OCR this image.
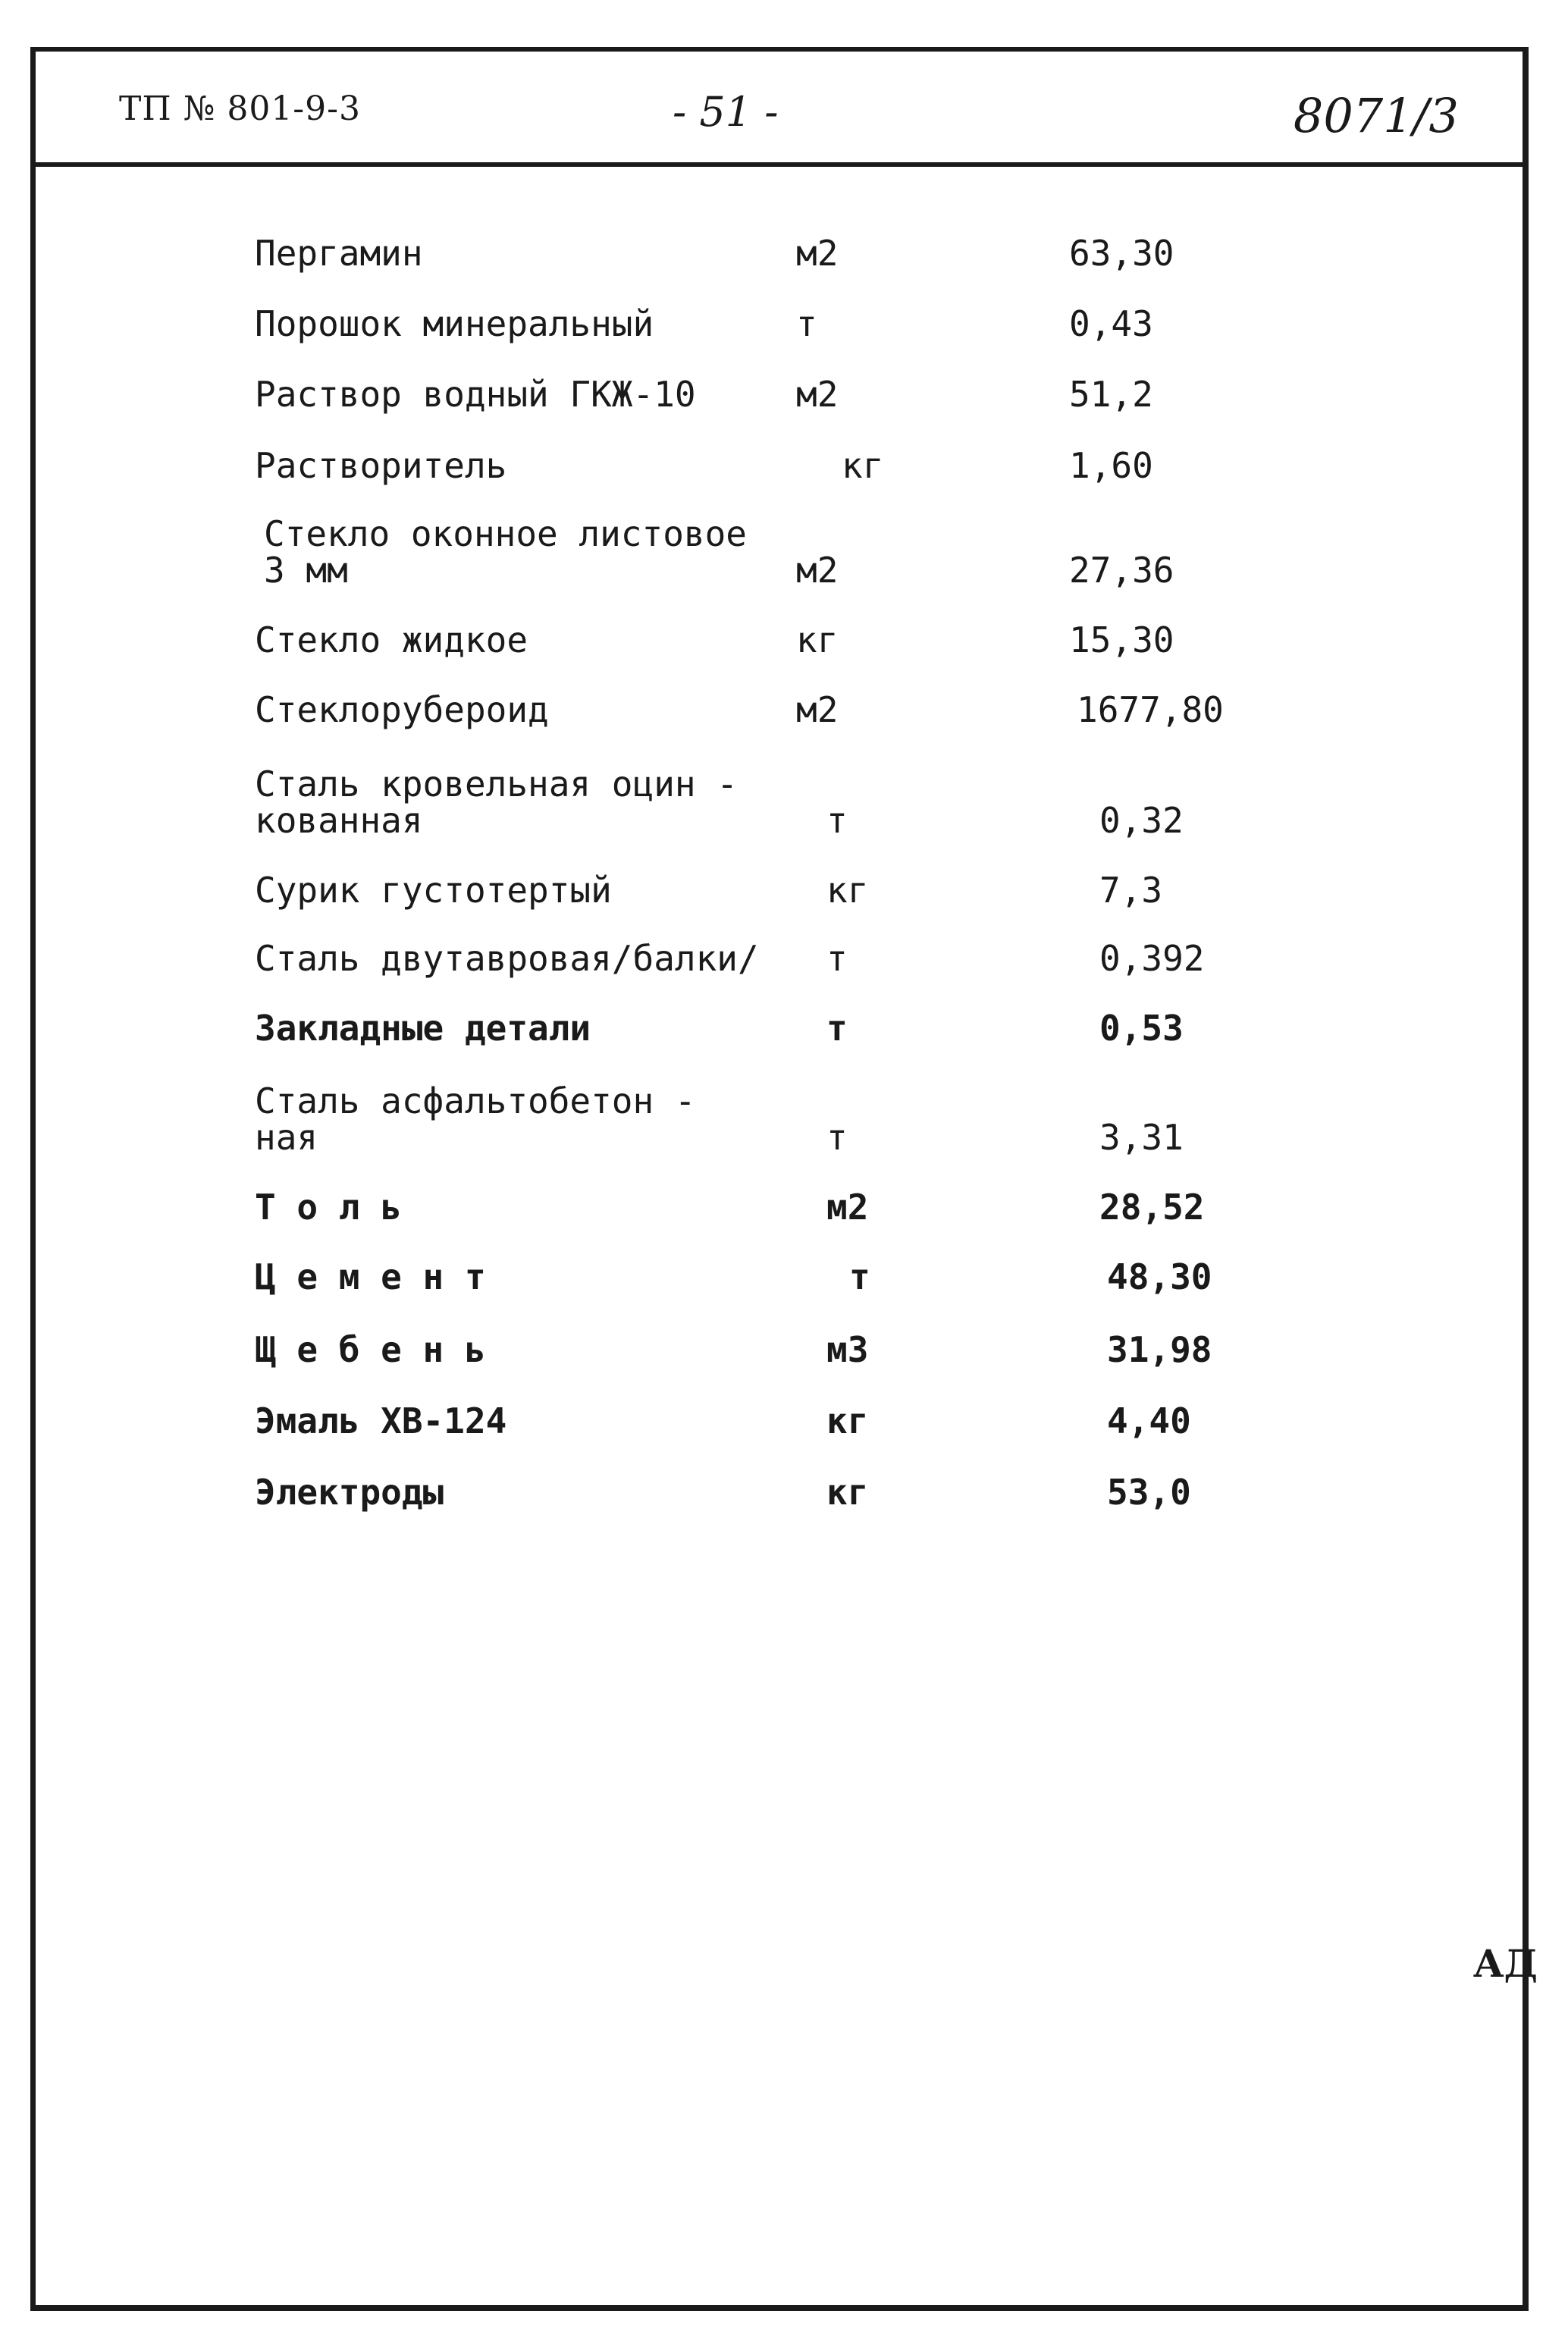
ТП № 801-9-3	- 51 -	8071/3
Пергамин	м2	63,30
Порошок минеральный	т	0,43
Раствор водный ГКЖ-10	м2	51,2
Растворитель	кг	1,60
Стекло оконное листовое
3 мм	м2	27,36
Стекло жидкое	кг	15,30
Стеклорубероид	м2	1677,80
Сталь кровельная оцин -
кованная	т	0,32
Сурик густотертый	кг	7,3
Сталь двутавровая/балки/	т	0,392
Закладные детали	т	0,53
Сталь асфальтобетон -
ная	т	3,31
Т о л ь	м2	28,52
Ц е м е н т	т	48,30
Щ е б е н ь	м3	31,98
Эмаль ХВ-124	кг	4,40
Электроды	кг	53,0
АД
